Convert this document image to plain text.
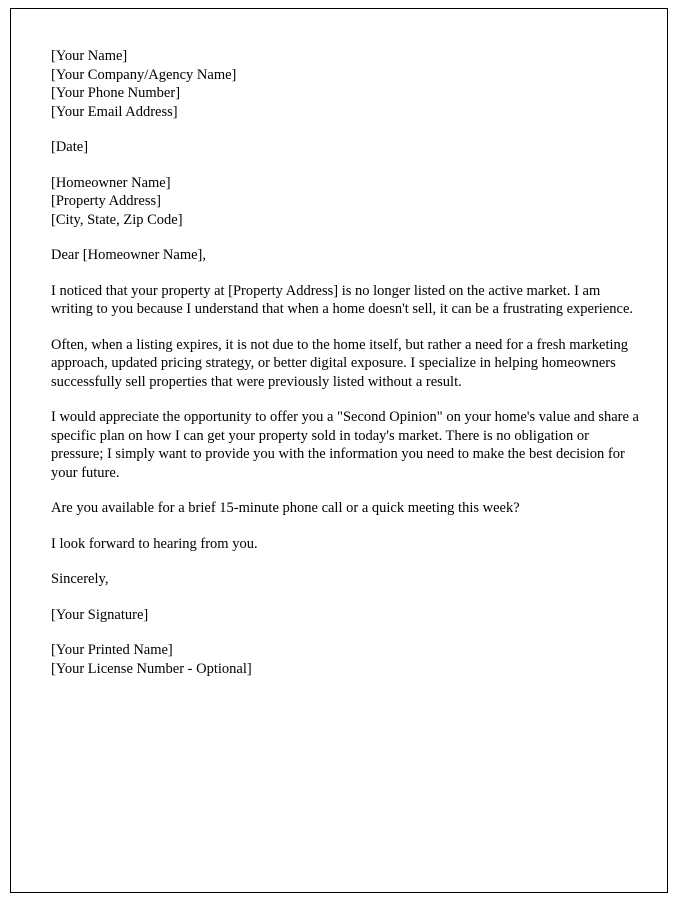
[Your Name]
[Your Company/Agency Name]
[Your Phone Number]
[Your Email Address]
[Date]
[Homeowner Name]
[Property Address]
[City, State, Zip Code]
Dear [Homeowner Name],

I noticed that your property at [Property Address] is no longer listed on the active market. I am writing to you because I understand that when a home doesn't sell, it can be a frustrating experience.

Often, when a listing expires, it is not due to the home itself, but rather a need for a fresh marketing approach, updated pricing strategy, or better digital exposure. I specialize in helping homeowners successfully sell properties that were previously listed without a result.

I would appreciate the opportunity to offer you a "Second Opinion" on your home's value and share a specific plan on how I can get your property sold in today's market. There is no obligation or pressure; I simply want to provide you with the information you need to make the best decision for your future.

Are you available for a brief 15-minute phone call or a quick meeting this week?

I look forward to hearing from you.

Sincerely,
[Your Signature]
[Your Printed Name]
[Your License Number - Optional]
